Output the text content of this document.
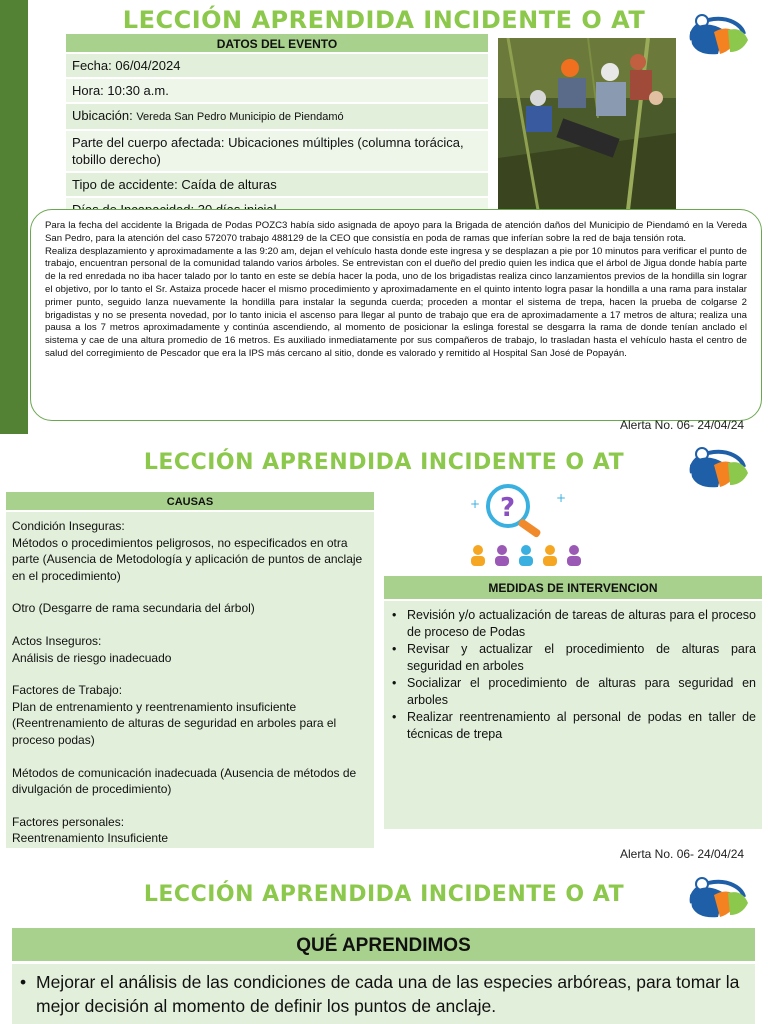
LECCIÓN APRENDIDA INCIDENTE O AT
DATOS DEL EVENTO
Fecha: 06/04/2024
Hora: 10:30 a.m.
Ubicación: Vereda San Pedro Municipio de Piendamó
Parte del cuerpo afectada: Ubicaciones múltiples (columna torácica, tobillo derecho)
Tipo de accidente: Caída de alturas

Para la fecha del accidente la Brigada de Podas POZC3 había sido asignada de apoyo para la Brigada de atención daños del Municipio de Piendamó en la Vereda San Pedro, para la atención del caso 572070 trabajo 488129 de la CEO que consistía en poda de ramas que inferían sobre la red de baja tensión rota.

Realiza desplazamiento y aproximadamente a las 9:20 am, dejan el vehículo hasta donde este ingresa y se desplazan a pie por 10 minutos para verificar el punto de trabajo, encuentran personal de la comunidad talando varios árboles. Se entrevistan con el dueño del predio quien les indica que el árbol de Jigua donde había parte de la red enredada no iba hacer talado por lo tanto en este se debía hacer la poda, uno de los brigadistas realiza cinco lanzamientos previos de la hondilla sin lograr el objetivo, por lo tanto el Sr. Astaiza procede hacer el mismo procedimiento y aproximadamente en el quinto intento logra pasar la hondilla a una rama para instalar primer punto, seguido lanza nuevamente la hondilla para instalar la segunda cuerda; proceden a montar el sistema de trepa, hacen la prueba de colgarse 2 brigadistas y no se presenta novedad, por lo tanto inicia el ascenso para llegar al punto de trabajo que era de aproximadamente a 17 metros de altura; realiza una pausa a los 7 metros aproximadamente y continúa ascendiendo, al momento de posicionar la eslinga forestal se desgarra la rama de donde tenían anclado el sistema y cae de una altura promedio de 16 metros. Es auxiliado inmediatamente por sus compañeros de trabajo, lo trasladan hasta el vehículo hasta el centro de salud del corregimiento de Pescador que era la IPS más cercano al sitio, donde es valorado y remitido al Hospital San José de Popayán.

Alerta No. 06- 24/04/24
LECCIÓN APRENDIDA INCIDENTE O AT
CAUSAS
Condición Inseguras:
Métodos o procedimientos peligrosos, no especificados en otra parte (Ausencia de Metodología y aplicación de puntos de anclaje en el procedimiento)
Otro (Desgarre de rama secundaria del árbol)
Actos Inseguros:
Análisis de riesgo inadecuado
Factores de Trabajo:
Plan de entrenamiento y reentrenamiento insuficiente (Reentrenamiento de alturas de seguridad en arboles para el proceso podas)
Métodos de comunicación inadecuada (Ausencia de métodos de divulgación de procedimiento)
Factores personales:
Reentrenamiento Insuficiente
?
+	+
MEDIDAS DE INTERVENCION
• Revisión y/o actualización de tareas de alturas para el proceso de proceso de Podas
• Revisar y actualizar el procedimiento de alturas para seguridad en arboles
• Socializar el procedimiento de alturas para seguridad en arboles
• Realizar reentrenamiento al personal de podas en taller de técnicas de trepa
Alerta No. 06- 24/04/24
LECCIÓN APRENDIDA INCIDENTE O AT
QUÉ APRENDIMOS
• Mejorar el análisis de las condiciones de cada una de las especies arbóreas, para tomar la mejor decisión al momento de definir los puntos de anclaje.
